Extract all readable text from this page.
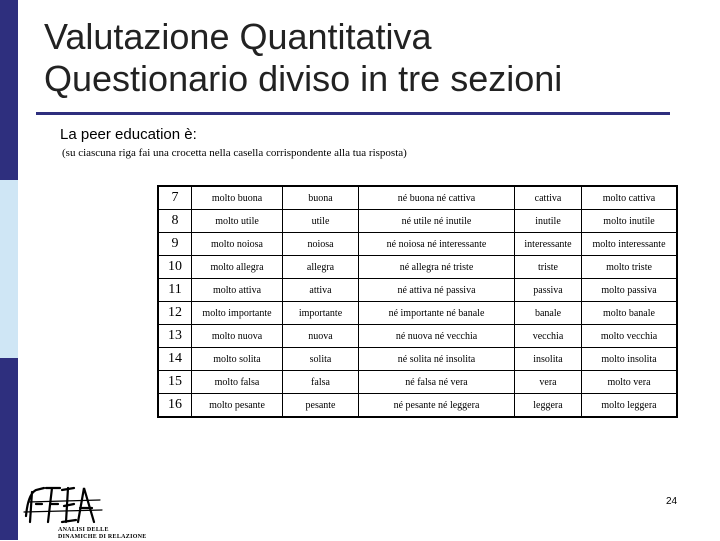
Valutazione Quantitativa
Questionario diviso in tre sezioni
La peer education è:
(su ciascuna riga fai una crocetta nella casella corrispondente alla tua risposta)
7	molto buona	buona	né buona né cattiva	cattiva	molto cattiva
8	molto utile	utile	né utile né inutile	inutile	molto inutile
9	molto noiosa	noiosa	né noiosa né interessante	interessante	molto interessante
10	molto allegra	allegra	né allegra né triste	triste	molto triste
11	molto attiva	attiva	né attiva né passiva	passiva	molto passiva
12	molto importante	importante	né importante né banale	banale	molto banale
13	molto nuova	nuova	né nuova né vecchia	vecchia	molto vecchia
14	molto solita	solita	né solita né insolita	insolita	molto insolita
15	molto falsa	falsa	né falsa né vera	vera	molto vera
16	molto pesante	pesante	né pesante né leggera	leggera	molto leggera
ANALISI DELLE
DINAMICHE DI RELAZIONE
24
